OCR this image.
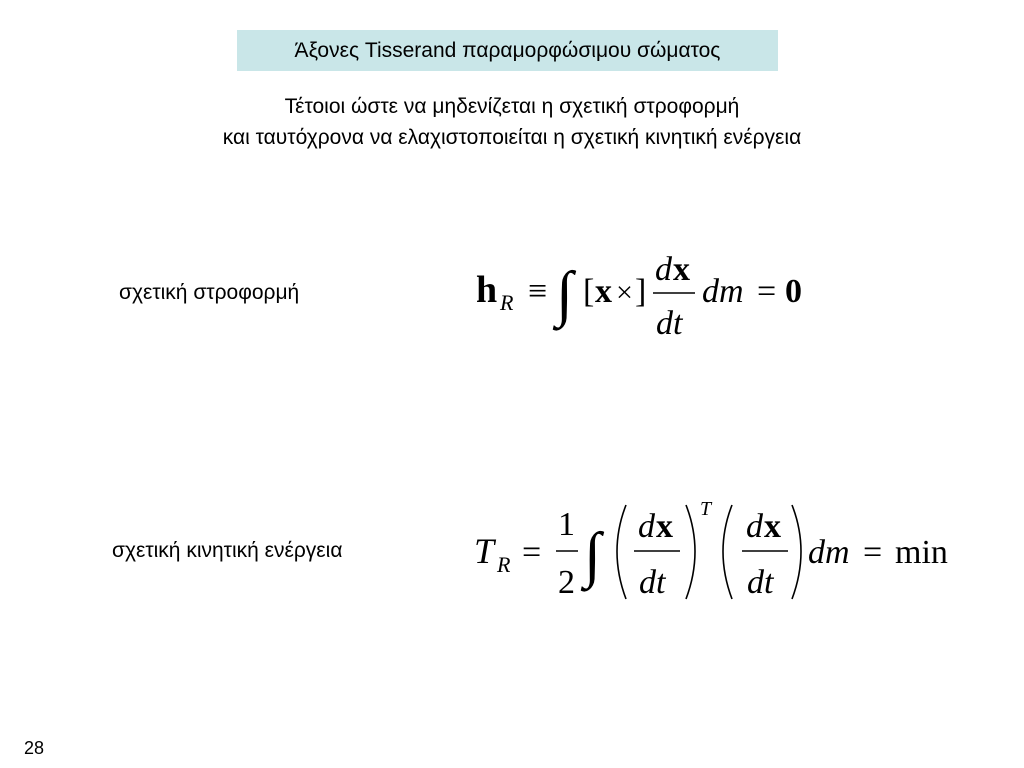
Άξονες Tisserand παραμορφώσιμου σώματος
Τέτοιοι ώστε να μηδενίζεται η σχετική στροφορμή
και ταυτόχρονα να ελαχιστοποιείται η σχετική κινητική ενέργεια
σχετική στροφορμή	h R ≡ ∫ [ x × ]
d x
dt
dm = 0
σχετική κινητική ενέργεια	T R =
1
2 ∫ d x
dt
T d x
dt
dm = min
28
